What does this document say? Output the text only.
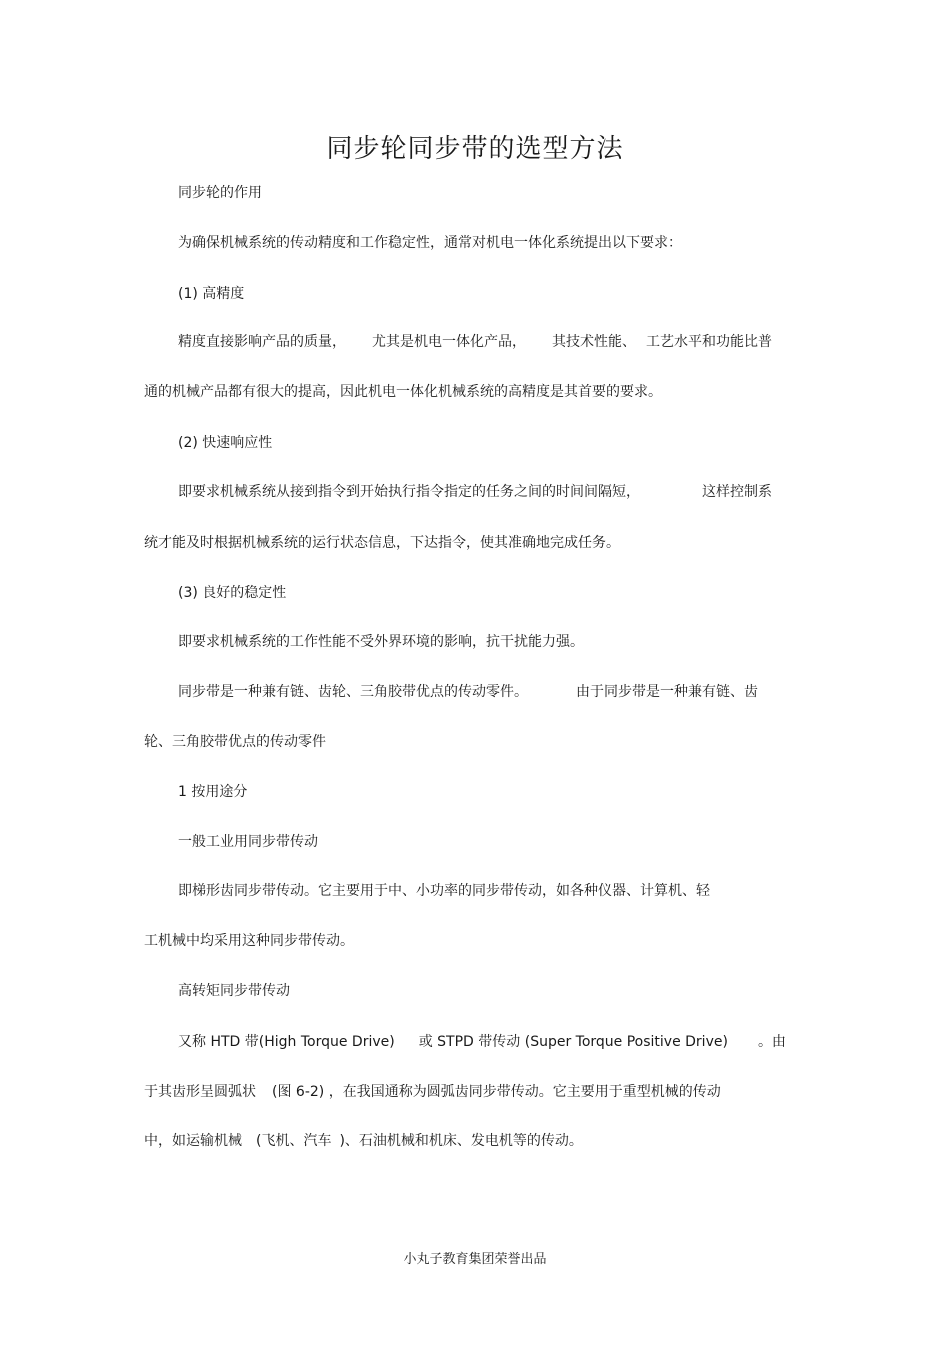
同步轮同步带的选型方法
同步轮的作用
为确保机械系统的传动精度和工作稳定性，通常对机电一体化系统提出以下要求：
(1) 高精度
精度直接影响产品的质量， 尤其是机电一体化产品， 其技术性能、 工艺水平和功能比普
通的机械产品都有很大的提高，因此机电一体化机械系统的高精度是其首要的要求。
(2) 快速响应性
即要求机械系统从接到指令到开始执行指令指定的任务之间的时间间隔短，	这样控制系
统才能及时根据机械系统的运行状态信息，下达指令，使其准确地完成任务。
(3) 良好的稳定性
即要求机械系统的工作性能不受外界环境的影响，抗干扰能力强。
同步带是一种兼有链、齿轮、三角胶带优点的传动零件。	由于同步带是一种兼有链、齿
轮、三角胶带优点的传动零件
1 按用途分
一般工业用同步带传动
即梯形齿同步带传动。它主要用于中、小功率的同步带传动，如各种仪器、计算机、轻
工机械中均采用这种同步带传动。
高转矩同步带传动
又称 HTD 带(High Torque Drive) 或 STPD 带传动 (Super Torque Positive Drive) 。由
于其齿形呈圆弧状 (图 6-2) ，在我国通称为圆弧齿同步带传动。它主要用于重型机械的传动
中，如运输机械 (飞机、汽车 )、石油机械和机床、发电机等的传动。
小丸子教育集团荣誉出品
